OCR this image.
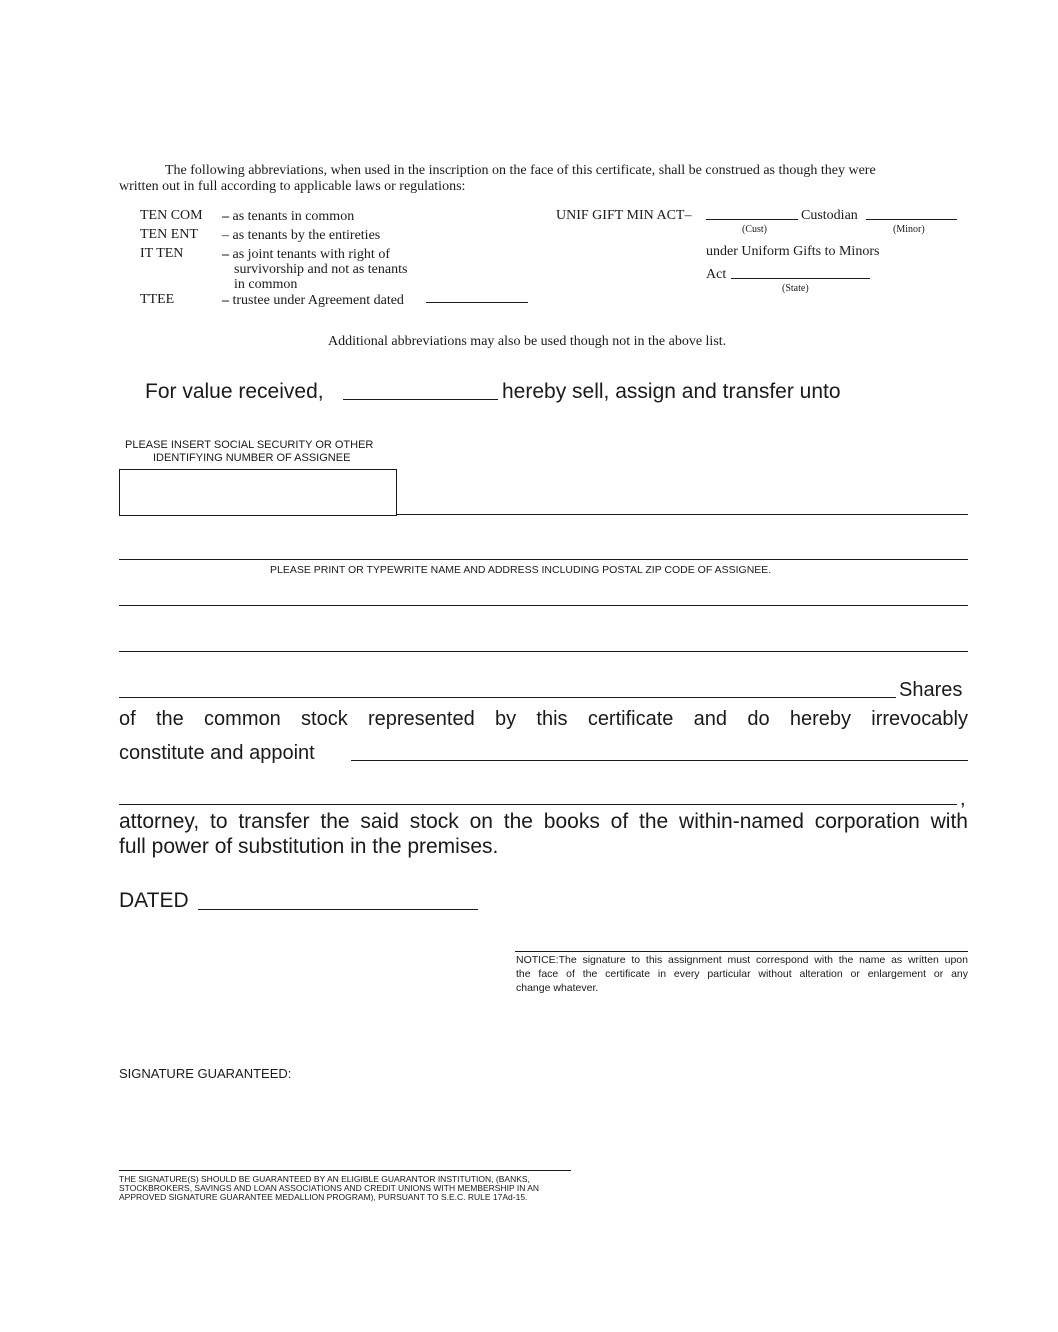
The following abbreviations, when used in the inscription on the face of this certificate, shall be construed as though they were
written out in full according to applicable laws or regulations:
TEN COM – as tenants in common
TEN ENT – as tenants by the entireties
IT TEN	– as joint tenants with right of
survivorship and not as tenants
in common
TTEE	– trustee under Agreement dated
UNIF GIFT MIN ACT–	Custodian
(Cust)	(Minor)
under Uniform Gifts to Minors
Act
(State)
Additional abbreviations may also be used though not in the above list.
For value received,	hereby sell, assign and transfer unto
PLEASE INSERT SOCIAL SECURITY OR OTHER
IDENTIFYING NUMBER OF ASSIGNEE
PLEASE PRINT OR TYPEWRITE NAME AND ADDRESS INCLUDING POSTAL ZIP CODE OF ASSIGNEE.
Shares
of the common stock represented by this certificate and do hereby irrevocably
constitute and appoint
,
attorney, to transfer the said stock on the books of the within-named corporation with
full power of substitution in the premises.
DATED
NOTICE:The signature to this assignment must correspond with the name as written upon
the face of the certificate in every particular without alteration or enlargement or any
change whatever.
SIGNATURE GUARANTEED:
THE SIGNATURE(S) SHOULD BE GUARANTEED BY AN ELIGIBLE GUARANTOR INSTITUTION, (BANKS,
STOCKBROKERS, SAVINGS AND LOAN ASSOCIATIONS AND CREDIT UNIONS WITH MEMBERSHIP IN AN
APPROVED SIGNATURE GUARANTEE MEDALLION PROGRAM), PURSUANT TO S.E.C. RULE 17Ad-15.
